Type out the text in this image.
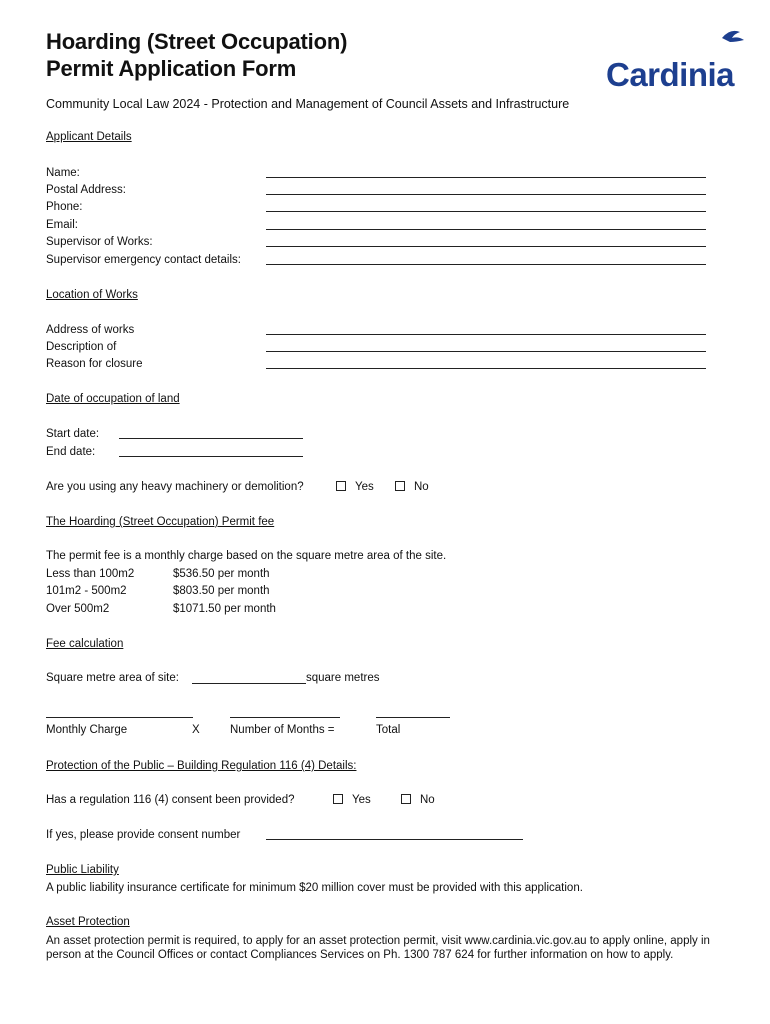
Hoarding (Street Occupation)
Permit Application Form	Cardinia
Community Local Law 2024 - Protection and Management of Council Assets and Infrastructure
Applicant Details
Name:
Postal Address:
Phone:
Email:
Supervisor of Works:
Supervisor emergency contact details:
Location of Works
Address of works
Description of
Reason for closure
Date of occupation of land
Start date:
End date:
Are you using any heavy machinery or demolition?	Yes	No
The Hoarding (Street Occupation) Permit fee
The permit fee is a monthly charge based on the square metre area of the site.
Less than 100m2	$536.50 per month
101m2 - 500m2	$803.50 per month
Over 500m2	$1071.50 per month
Fee calculation
Square metre area of site:	square metres
Monthly Charge	X	Number of Months =	Total
Protection of the Public – Building Regulation 116 (4) Details:
Has a regulation 116 (4) consent been provided?	Yes	No
If yes, please provide consent number
Public Liability
A public liability insurance certificate for minimum $20 million cover must be provided with this application.
Asset Protection
An asset protection permit is required, to apply for an asset protection permit, visit www.cardinia.vic.gov.au to apply online, apply in person at the Council Offices or contact Compliances Services on Ph. 1300 787 624 for further information on how to apply.
